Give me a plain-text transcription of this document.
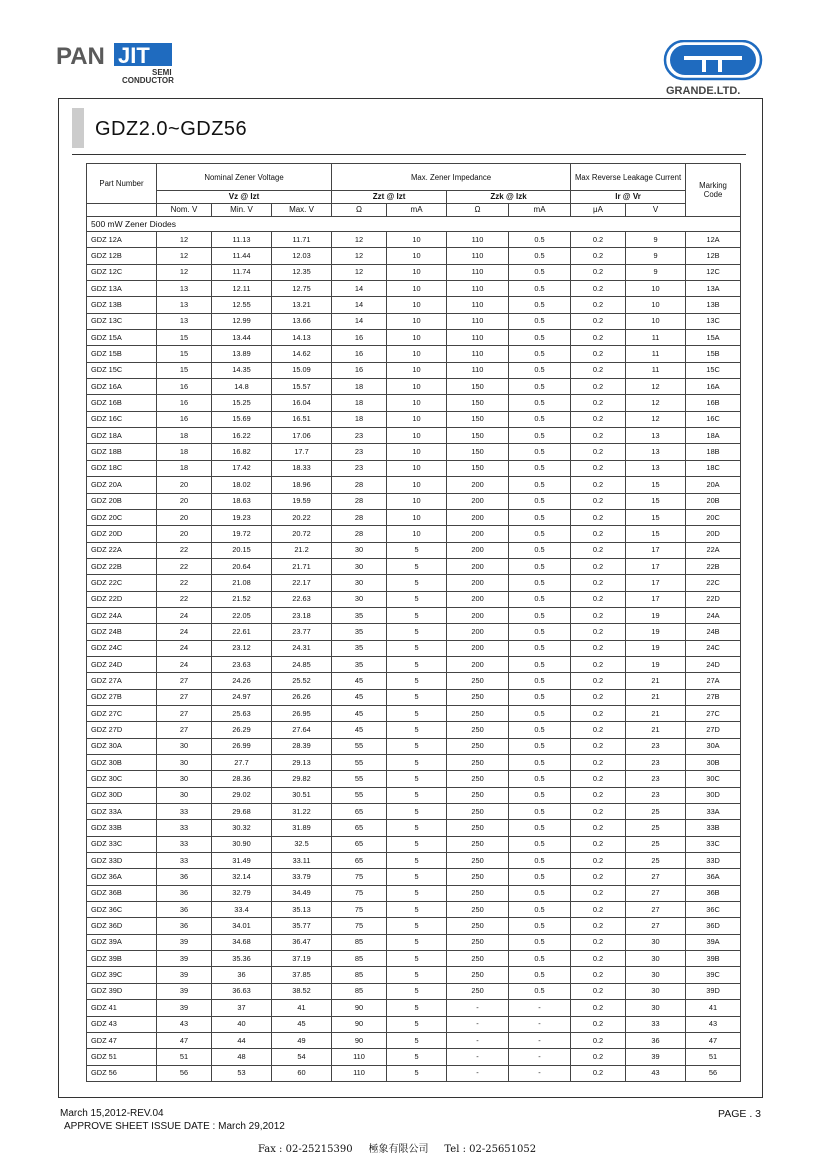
PAN JIT
SEMI
CONDUCTOR
GRANDE.LTD.
GDZ2.0~GDZ56
Part Number	Nominal Zener Voltage			Max. Zener Impedance				Max Reverse Leakage Current		Marking Code
	Vz @ Izt			Zzt @ Izt		Zzk @ Izk		Ir @ Vr		
	Nom. V	Min. V	Max. V	Ω	mA	Ω	mA	μA	V	
500 mW Zener Diodes										
GDZ 12A	12	11.13	11.71	12	10	110	0.5	0.2	9	12A
GDZ 12B	12	11.44	12.03	12	10	110	0.5	0.2	9	12B
GDZ 12C	12	11.74	12.35	12	10	110	0.5	0.2	9	12C
GDZ 13A	13	12.11	12.75	14	10	110	0.5	0.2	10	13A
GDZ 13B	13	12.55	13.21	14	10	110	0.5	0.2	10	13B
GDZ 13C	13	12.99	13.66	14	10	110	0.5	0.2	10	13C
GDZ 15A	15	13.44	14.13	16	10	110	0.5	0.2	11	15A
GDZ 15B	15	13.89	14.62	16	10	110	0.5	0.2	11	15B
GDZ 15C	15	14.35	15.09	16	10	110	0.5	0.2	11	15C
GDZ 16A	16	14.8	15.57	18	10	150	0.5	0.2	12	16A
GDZ 16B	16	15.25	16.04	18	10	150	0.5	0.2	12	16B
GDZ 16C	16	15.69	16.51	18	10	150	0.5	0.2	12	16C
GDZ 18A	18	16.22	17.06	23	10	150	0.5	0.2	13	18A
GDZ 18B	18	16.82	17.7	23	10	150	0.5	0.2	13	18B
GDZ 18C	18	17.42	18.33	23	10	150	0.5	0.2	13	18C
GDZ 20A	20	18.02	18.96	28	10	200	0.5	0.2	15	20A
GDZ 20B	20	18.63	19.59	28	10	200	0.5	0.2	15	20B
GDZ 20C	20	19.23	20.22	28	10	200	0.5	0.2	15	20C
GDZ 20D	20	19.72	20.72	28	10	200	0.5	0.2	15	20D
GDZ 22A	22	20.15	21.2	30	5	200	0.5	0.2	17	22A
GDZ 22B	22	20.64	21.71	30	5	200	0.5	0.2	17	22B
GDZ 22C	22	21.08	22.17	30	5	200	0.5	0.2	17	22C
GDZ 22D	22	21.52	22.63	30	5	200	0.5	0.2	17	22D
GDZ 24A	24	22.05	23.18	35	5	200	0.5	0.2	19	24A
GDZ 24B	24	22.61	23.77	35	5	200	0.5	0.2	19	24B
GDZ 24C	24	23.12	24.31	35	5	200	0.5	0.2	19	24C
GDZ 24D	24	23.63	24.85	35	5	200	0.5	0.2	19	24D
GDZ 27A	27	24.26	25.52	45	5	250	0.5	0.2	21	27A
GDZ 27B	27	24.97	26.26	45	5	250	0.5	0.2	21	27B
GDZ 27C	27	25.63	26.95	45	5	250	0.5	0.2	21	27C
GDZ 27D	27	26.29	27.64	45	5	250	0.5	0.2	21	27D
GDZ 30A	30	26.99	28.39	55	5	250	0.5	0.2	23	30A
GDZ 30B	30	27.7	29.13	55	5	250	0.5	0.2	23	30B
GDZ 30C	30	28.36	29.82	55	5	250	0.5	0.2	23	30C
GDZ 30D	30	29.02	30.51	55	5	250	0.5	0.2	23	30D
GDZ 33A	33	29.68	31.22	65	5	250	0.5	0.2	25	33A
GDZ 33B	33	30.32	31.89	65	5	250	0.5	0.2	25	33B
GDZ 33C	33	30.90	32.5	65	5	250	0.5	0.2	25	33C
GDZ 33D	33	31.49	33.11	65	5	250	0.5	0.2	25	33D
GDZ 36A	36	32.14	33.79	75	5	250	0.5	0.2	27	36A
GDZ 36B	36	32.79	34.49	75	5	250	0.5	0.2	27	36B
GDZ 36C	36	33.4	35.13	75	5	250	0.5	0.2	27	36C
GDZ 36D	36	34.01	35.77	75	5	250	0.5	0.2	27	36D
GDZ 39A	39	34.68	36.47	85	5	250	0.5	0.2	30	39A
GDZ 39B	39	35.36	37.19	85	5	250	0.5	0.2	30	39B
GDZ 39C	39	36	37.85	85	5	250	0.5	0.2	30	39C
GDZ 39D	39	36.63	38.52	85	5	250	0.5	0.2	30	39D
GDZ 41	39	37	41	90	5	-	-	0.2	30	41
GDZ 43	43	40	45	90	5	-	-	0.2	33	43
GDZ 47	47	44	49	90	5	-	-	0.2	36	47
GDZ 51	51	48	54	110	5	-	-	0.2	39	51
GDZ 56	56	53	60	110	5	-	-	0.2	43	56
March 15,2012-REV.04
APPROVE SHEET ISSUE DATE : March 29,2012
PAGE . 3
Fax : 02-25215390     極象有限公司     Tel : 02-25651052
